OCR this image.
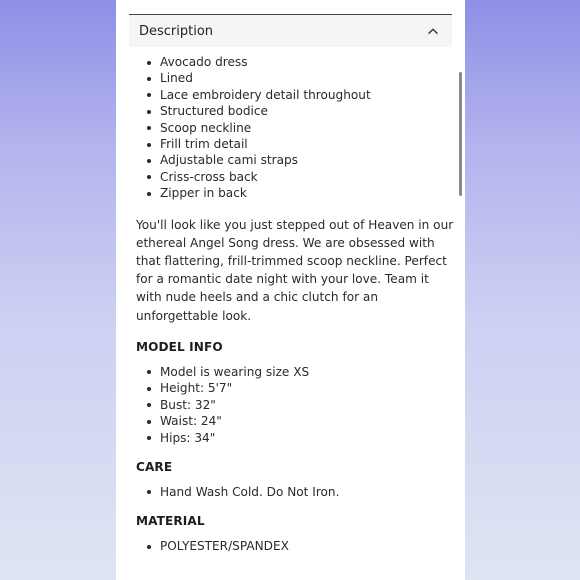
Description
Avocado dress
Lined
Lace embroidery detail throughout
Structured bodice
Scoop neckline
Frill trim detail
Adjustable cami straps
Criss-cross back
Zipper in back

You'll look like you just stepped out of Heaven in our ethereal Angel Song dress. We are obsessed with that flattering, frill-trimmed scoop neckline. Perfect for a romantic date night with your love. Team it with nude heels and a chic clutch for an unforgettable look.

MODEL INFO
Model is wearing size XS
Height: 5'7"
Bust: 32"
Waist: 24"
Hips: 34"
CARE
Hand Wash Cold. Do Not Iron.
MATERIAL
POLYESTER/SPANDEX
